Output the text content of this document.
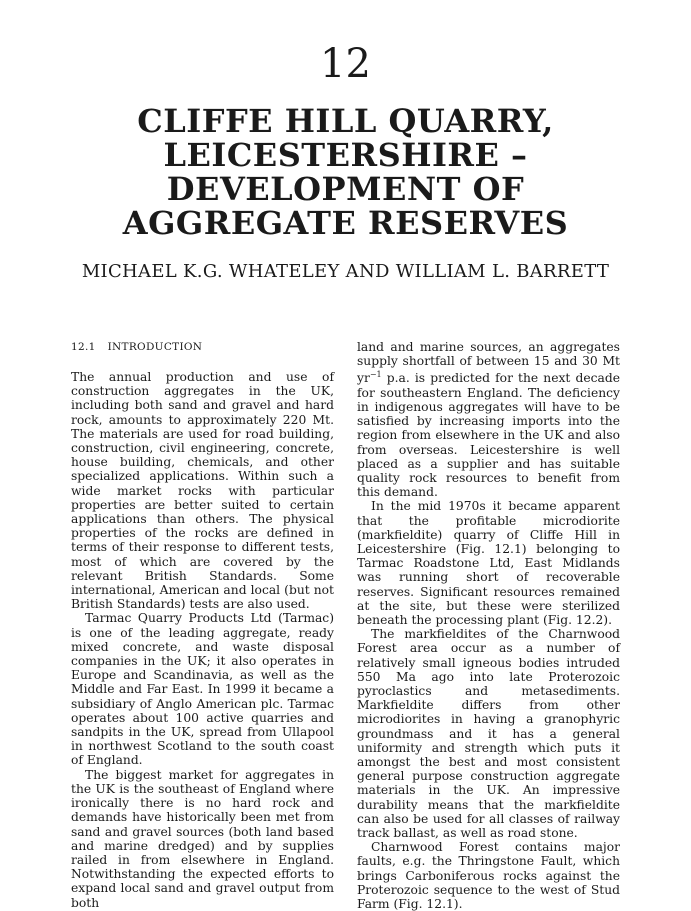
12
CLIFFE HILL QUARRY,
LEICESTERSHIRE –
DEVELOPMENT OF
AGGREGATE RESERVES
MICHAEL K.G. WHATELEY AND WILLIAM L. BARRETT
12.1 INTRODUCTION

The annual production and use of construction aggregates in the UK, including both sand and gravel and hard rock, amounts to approximately 220 Mt. The materials are used for road building, construction, civil engineering, concrete, house building, chemicals, and other specialized applications. Within such a wide market rocks with particular properties are better suited to certain applications than others. The physical properties of the rocks are defined in terms of their response to different tests, most of which are covered by the relevant British Standards. Some international, American and local (but not British Standards) tests are also used.

Tarmac Quarry Products Ltd (Tarmac) is one of the leading aggregate, ready mixed concrete, and waste disposal companies in the UK; it also operates in Europe and Scandinavia, as well as the Middle and Far East. In 1999 it became a subsidiary of Anglo American plc. Tarmac operates about 100 active quarries and sandpits in the UK, spread from Ullapool in northwest Scotland to the south coast of England.

The biggest market for aggregates in the UK is the southeast of England where ironically there is no hard rock and demands have historically been met from sand and gravel sources (both land based and marine dredged) and by supplies railed in from elsewhere in England. Notwithstanding the expected efforts to expand local sand and gravel output from both

land and marine sources, an aggregates supply shortfall of between 15 and 30 Mt $yr^{-1}$ p.a. is predicted for the next decade for southeastern England. The deficiency in indigenous aggregates will have to be satisfied by increasing imports into the region from elsewhere in the UK and also from overseas. Leicestershire is well placed as a supplier and has suitable quality rock resources to benefit from this demand.

In the mid 1970s it became apparent that the profitable microdiorite (markfieldite) quarry of Cliffe Hill in Leicestershire (Fig. 12.1) belonging to Tarmac Roadstone Ltd, East Midlands was running short of recoverable reserves. Significant resources remained at the site, but these were sterilized beneath the processing plant (Fig. 12.2).

The markfieldites of the Charnwood Forest area occur as a number of relatively small igneous bodies intruded 550 Ma ago into late Proterozoic pyroclastics and metasediments. Markfieldite differs from other microdiorites in having a granophyric groundmass and it has a general uniformity and strength which puts it amongst the best and most consistent general purpose construction aggregate materials in the UK. An impressive durability means that the markfieldite can also be used for all classes of railway track ballast, as well as road stone.

Charnwood Forest contains major faults, e.g. the Thringstone Fault, which brings Carboniferous rocks against the Proterozoic sequence to the west of Stud Farm (Fig. 12.1).
